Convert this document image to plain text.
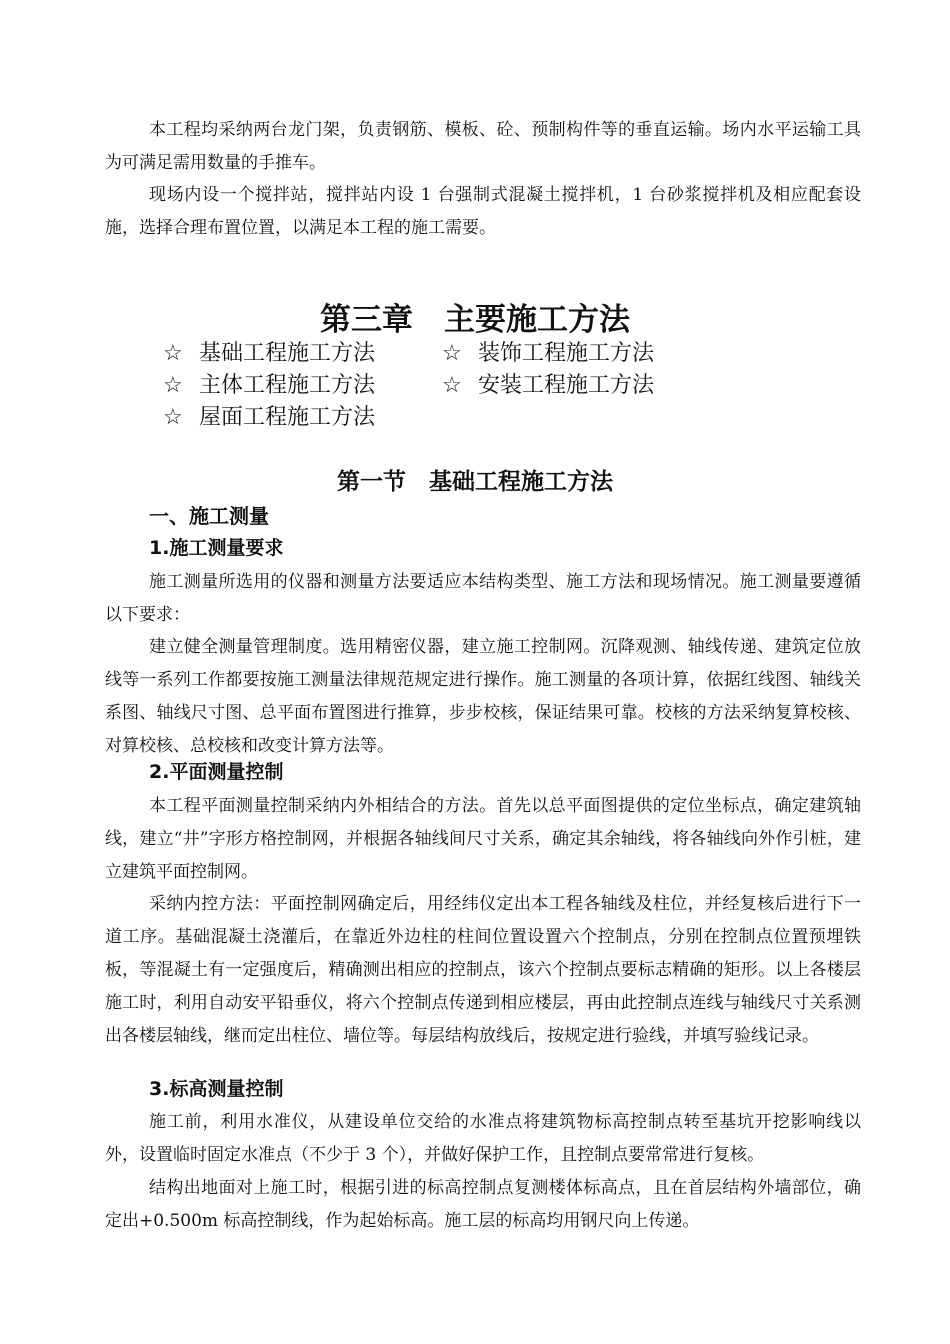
本工程均采纳两台龙门架，负责钢筋、模板、砼、预制构件等的垂直运输。场内水平运输工具为可满足需用数量的手推车。

现场内设一个搅拌站，搅拌站内设 1 台强制式混凝土搅拌机，1 台砂浆搅拌机及相应配套设施，选择合理布置位置，以满足本工程的施工需要。

第三章　主要施工方法
☆ 基础工程施工方法	☆ 装饰工程施工方法
☆ 主体工程施工方法	☆ 安装工程施工方法
☆ 屋面工程施工方法
第一节　基础工程施工方法
一、施工测量
1.施工测量要求

施工测量所选用的仪器和测量方法要适应本结构类型、施工方法和现场情况。施工测量要遵循以下要求：

建立健全测量管理制度。选用精密仪器，建立施工控制网。沉降观测、轴线传递、建筑定位放线等一系列工作都要按施工测量法律规范规定进行操作。施工测量的各项计算，依据红线图、轴线关系图、轴线尺寸图、总平面布置图进行推算，步步校核，保证结果可靠。校核的方法采纳复算校核、对算校核、总校核和改变计算方法等。

2.平面测量控制

本工程平面测量控制采纳内外相结合的方法。首先以总平面图提供的定位坐标点，确定建筑轴线，建立“井”字形方格控制网，并根据各轴线间尺寸关系，确定其余轴线，将各轴线向外作引桩，建立建筑平面控制网。

采纳内控方法：平面控制网确定后，用经纬仪定出本工程各轴线及柱位，并经复核后进行下一道工序。基础混凝土浇灌后，在靠近外边柱的柱间位置设置六个控制点，分别在控制点位置预埋铁板，等混凝土有一定强度后，精确测出相应的控制点，该六个控制点要标志精确的矩形。以上各楼层施工时，利用自动安平铅垂仪，将六个控制点传递到相应楼层，再由此控制点连线与轴线尺寸关系测出各楼层轴线，继而定出柱位、墙位等。每层结构放线后，按规定进行验线，并填写验线记录。

3.标高测量控制

施工前，利用水准仪，从建设单位交给的水准点将建筑物标高控制点转至基坑开挖影响线以外，设置临时固定水准点（不少于 3 个），并做好保护工作，且控制点要常常进行复核。

结构出地面对上施工时，根据引进的标高控制点复测楼体标高点，且在首层结构外墙部位，确定出+0.500m 标高控制线，作为起始标高。施工层的标高均用钢尺向上传递。
